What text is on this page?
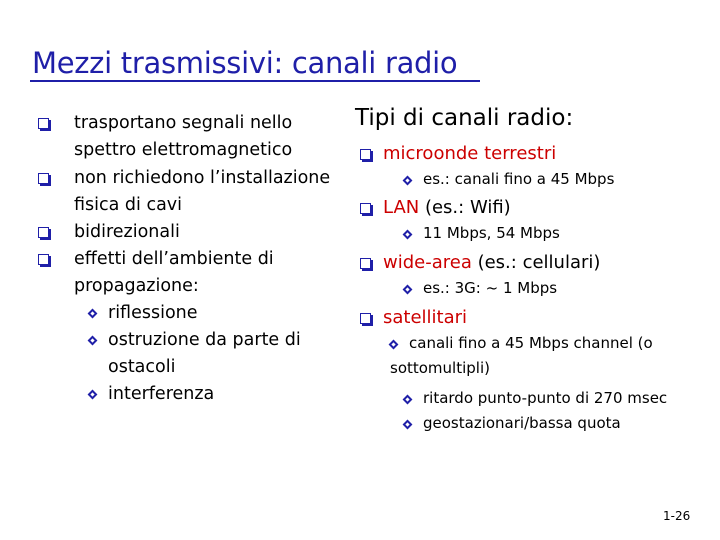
Mezzi trasmissivi: canali radio
trasportano segnali nello
spettro elettromagnetico
non richiedono l’installazione
fisica di cavi
bidirezionali
effetti dell’ambiente di
propagazione:
riflessione
ostruzione da parte di
ostacoli
interferenza
Tipi di canali radio:
microonde terrestri
es.: canali fino a 45 Mbps
LAN (es.: Wifi)
11 Mbps, 54 Mbps
wide-area (es.: cellulari)
es.: 3G: ~ 1 Mbps
satellitari
canali fino a 45 Mbps channel (o
sottomultipli)
ritardo punto-punto di 270 msec
geostazionari/bassa quota
1-26
